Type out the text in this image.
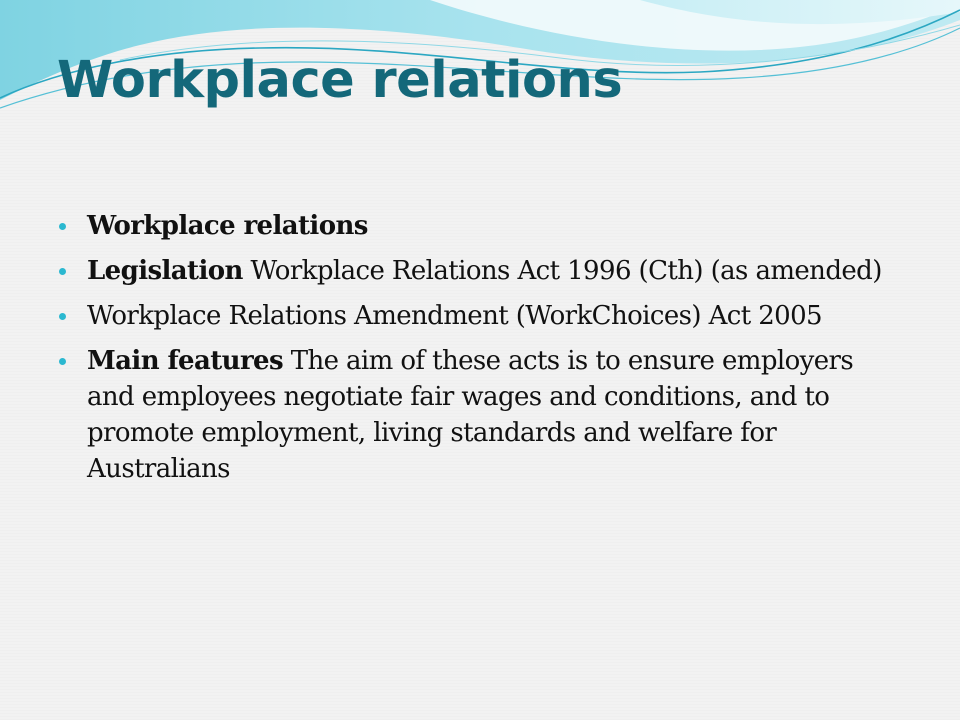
Workplace relations
Workplace relations
Legislation Workplace Relations Act 1996 (Cth) (as amended)
Workplace Relations Amendment (WorkChoices) Act 2005
Main features The aim of these acts is to ensure employers and employees negotiate fair wages and conditions, and to promote employment, living standards and welfare for Australians
